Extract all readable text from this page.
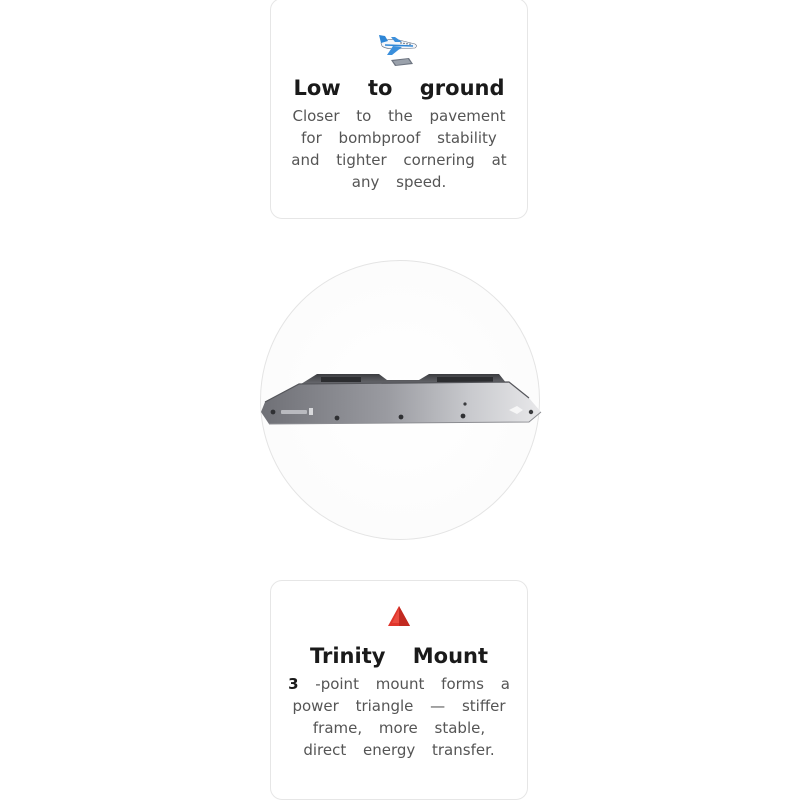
Low to ground

Closer to the pavement for bombproof stability and tighter cornering at any speed.

Trinity Mount

3 -point mount forms a power triangle — stiffer frame, more stable, direct energy transfer.
